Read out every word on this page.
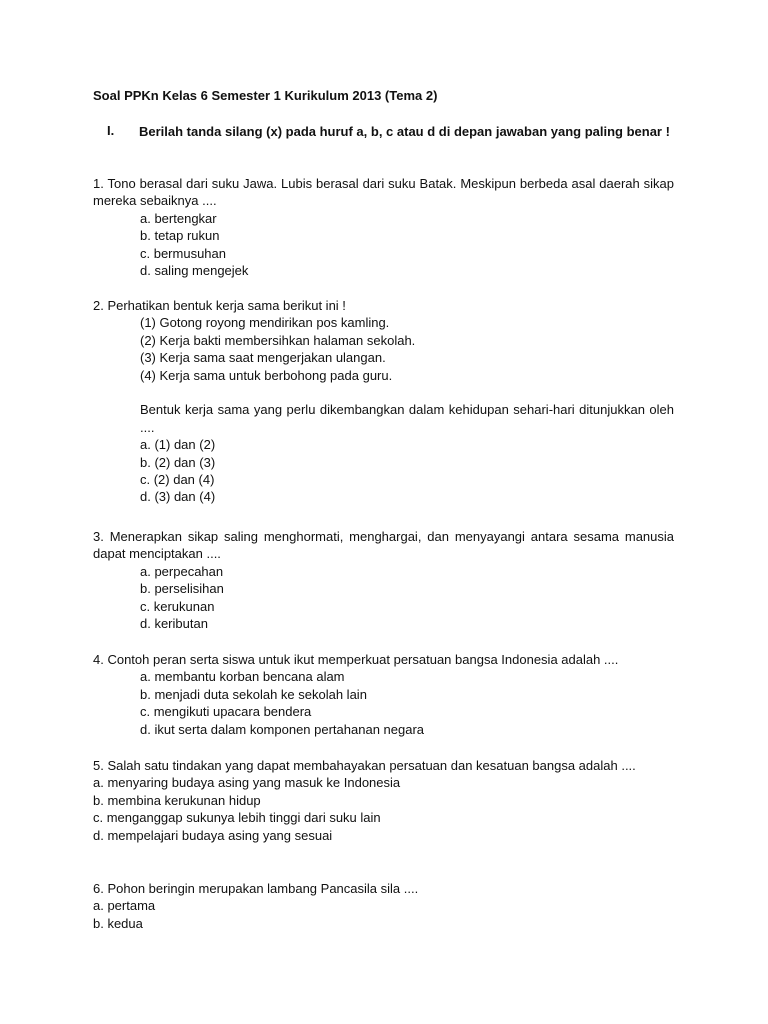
Soal PPKn Kelas 6 Semester 1 Kurikulum 2013 (Tema 2)
I. Berilah tanda silang (x) pada huruf a, b, c atau d di depan jawaban yang paling benar !
1. Tono berasal dari suku Jawa. Lubis berasal dari suku Batak. Meskipun berbeda asal daerah sikap mereka sebaiknya ....
a. bertengkar
b. tetap rukun
c. bermusuhan
d. saling mengejek
2. Perhatikan bentuk kerja sama berikut ini !
(1) Gotong royong mendirikan pos kamling.
(2) Kerja bakti membersihkan halaman sekolah.
(3) Kerja sama saat mengerjakan ulangan.
(4) Kerja sama untuk berbohong pada guru.
Bentuk kerja sama yang perlu dikembangkan dalam kehidupan sehari-hari ditunjukkan oleh ....
a. (1) dan (2)
b. (2) dan (3)
c. (2) dan (4)
d. (3) dan (4)
3. Menerapkan sikap saling menghormati, menghargai, dan menyayangi antara sesama manusia dapat menciptakan ....
a. perpecahan
b. perselisihan
c. kerukunan
d. keributan
4. Contoh peran serta siswa untuk ikut memperkuat persatuan bangsa Indonesia adalah ....
a. membantu korban bencana alam
b. menjadi duta sekolah ke sekolah lain
c. mengikuti upacara bendera
d. ikut serta dalam komponen pertahanan negara
5. Salah satu tindakan yang dapat membahayakan persatuan dan kesatuan bangsa adalah ....
a. menyaring budaya asing yang masuk ke Indonesia
b. membina kerukunan hidup
c. menganggap sukunya lebih tinggi dari suku lain
d. mempelajari budaya asing yang sesuai
6. Pohon beringin merupakan lambang Pancasila sila ....
a. pertama
b. kedua
